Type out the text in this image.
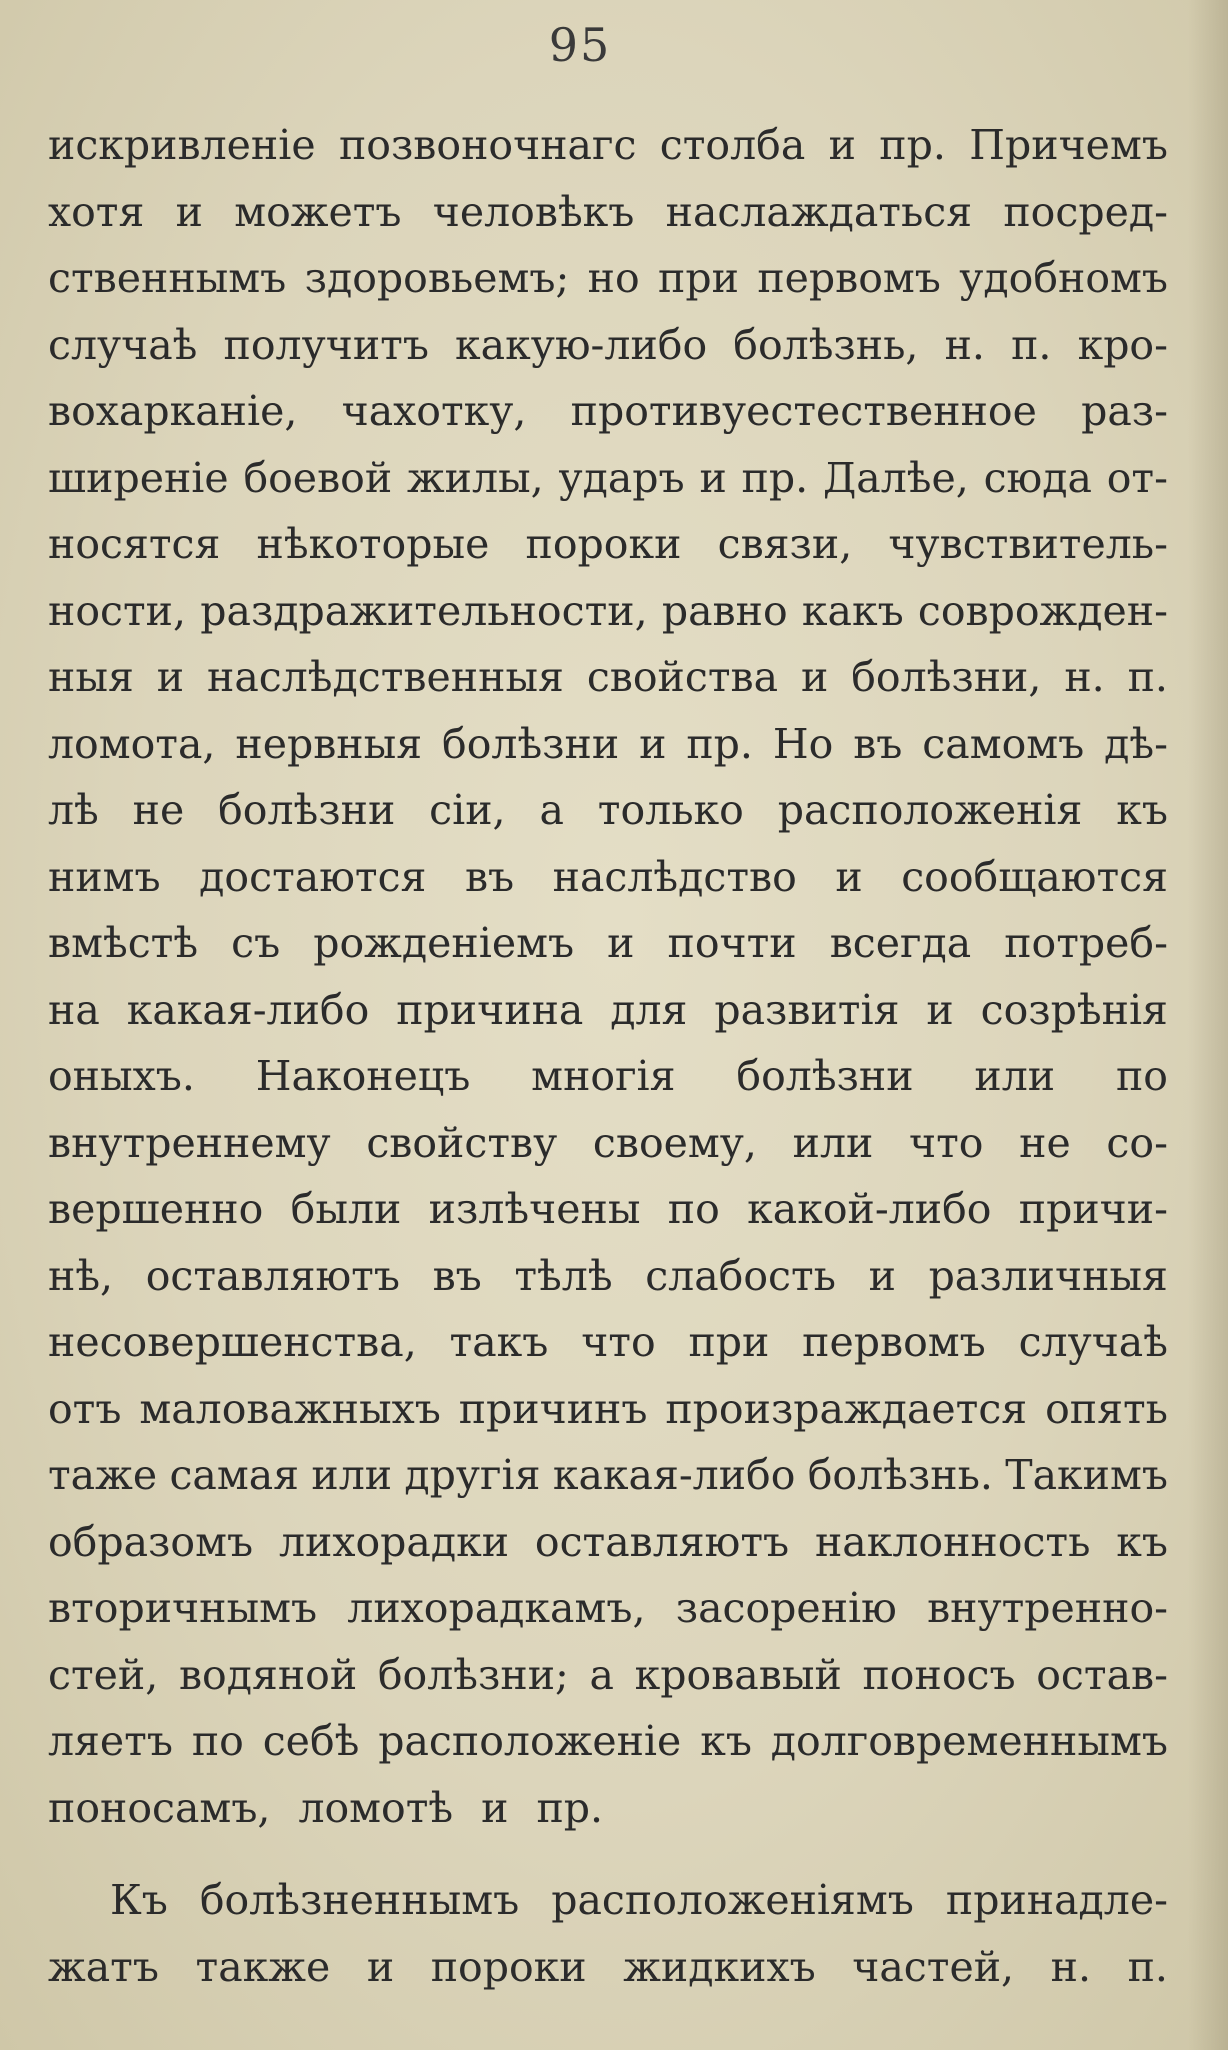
95
искривленіе позвоночнагс столба и пр. Причемъ
хотя и можетъ человѣкъ наслаждаться посред-
ственнымъ здоровьемъ; но при первомъ удобномъ
случаѣ получитъ какую-либо болѣзнь, н. п. кро-
вохарканіе, чахотку, противуестественное раз-
ширеніе боевой жилы, ударъ и пр. Далѣе, сюда от-
носятся нѣкоторые пороки связи, чувствитель-
ности, раздражительности, равно какъ соврожден-
ныя и наслѣдственныя свойства и болѣзни, н. п.
ломота, нервныя болѣзни и пр. Но въ самомъ дѣ-
лѣ не болѣзни сіи, а только расположенія къ
нимъ достаются въ наслѣдство и сообщаются
вмѣстѣ съ рожденіемъ и почти всегда потреб-
на какая-либо причина для развитія и созрѣнія
оныхъ. Наконецъ многія болѣзни или по
внутреннему свойству своему, или что не со-
вершенно были излѣчены по какой-либо причи-
нѣ, оставляютъ въ тѣлѣ слабость и различныя
несовершенства, такъ что при первомъ случаѣ
отъ маловажныхъ причинъ произраждается опять
таже самая или другія какая-либо болѣзнь. Такимъ
образомъ лихорадки оставляютъ наклонность къ
вторичнымъ лихорадкамъ, засоренію внутренно-
стей, водяной болѣзни; а кровавый поносъ остав-
ляетъ по себѣ расположеніе къ долговременнымъ
поносамъ, ломотѣ и пр.
Къ болѣзненнымъ расположеніямъ принадле-
жатъ также и пороки жидкихъ частей, н. п.
